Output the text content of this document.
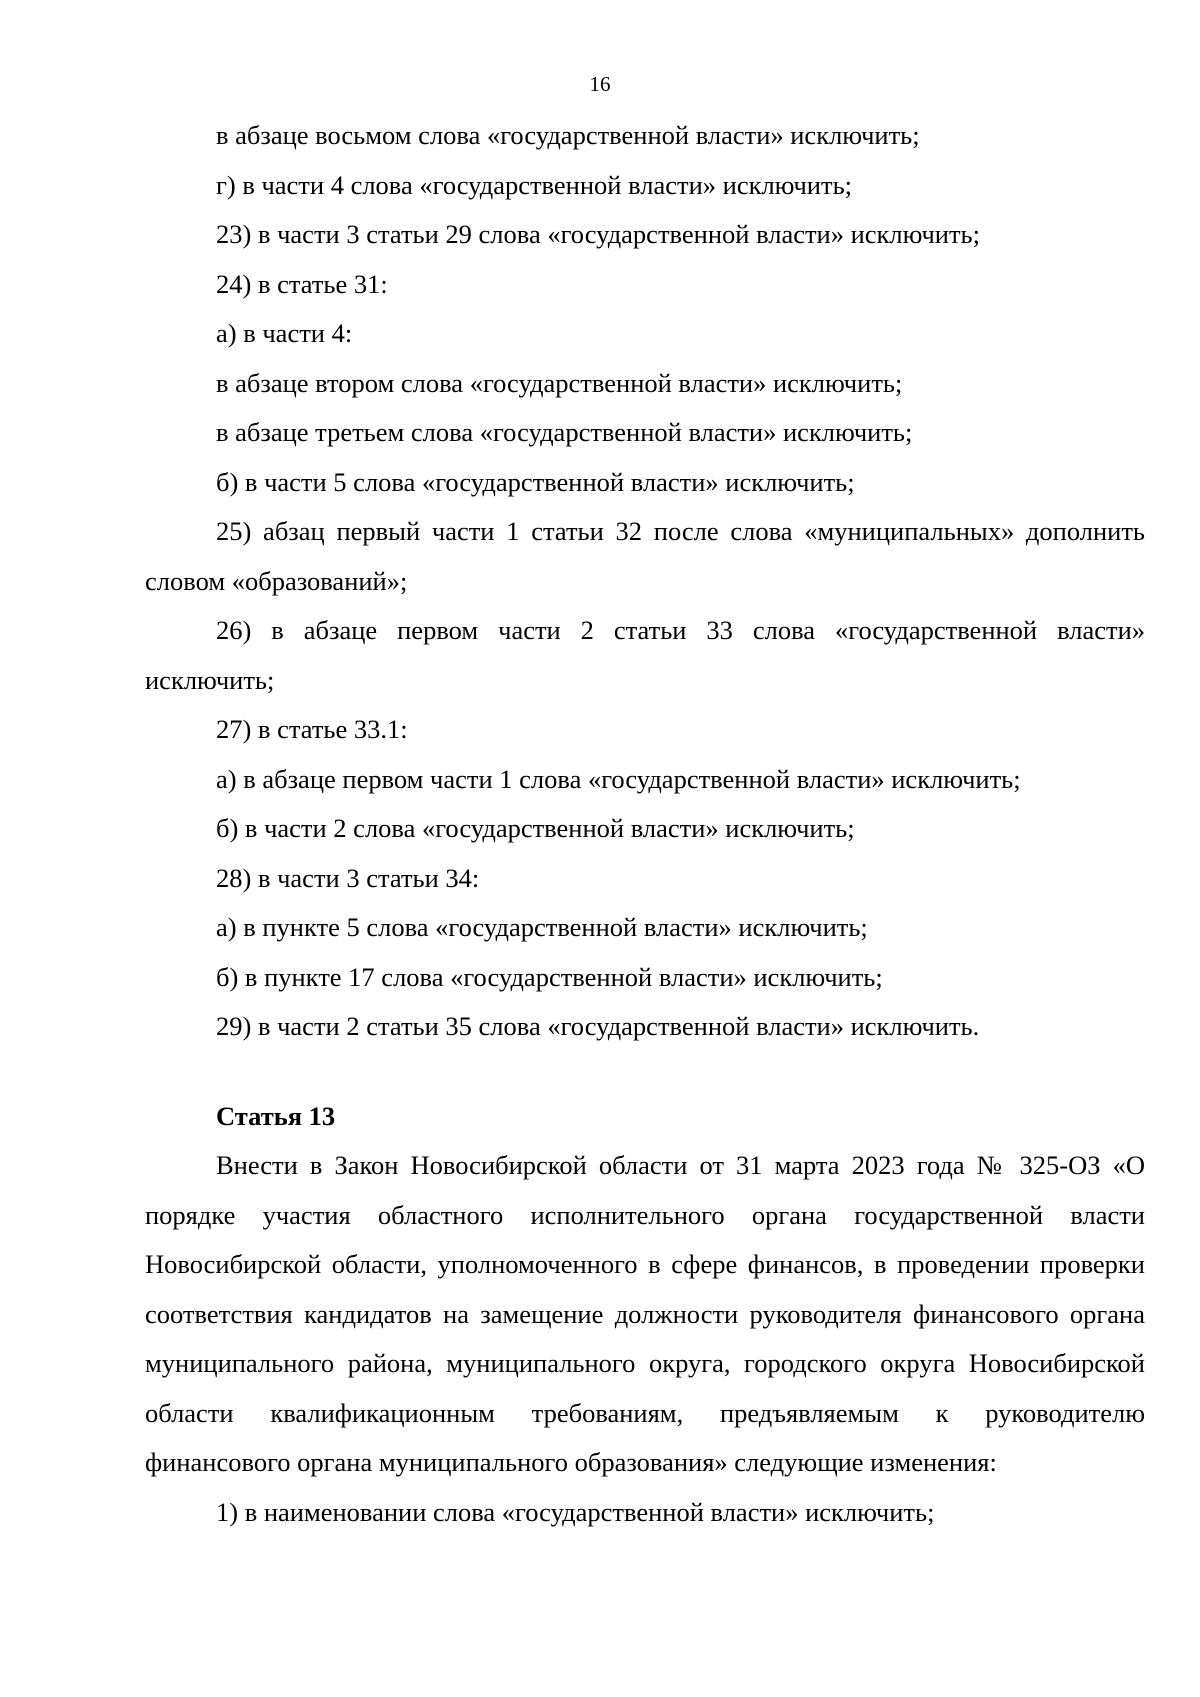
16

в абзаце восьмом слова «государственной власти» исключить;

г) в части 4 слова «государственной власти» исключить;

23) в части 3 статьи 29 слова «государственной власти» исключить;

24) в статье 31:

а) в части 4:

в абзаце втором слова «государственной власти» исключить;

в абзаце третьем слова «государственной власти» исключить;

б) в части 5 слова «государственной власти» исключить;

25) абзац первый части 1 статьи 32 после слова «муниципальных» дополнить словом «образований»;

26) в абзаце первом части 2 статьи 33 слова «государственной власти» исключить;

27) в статье 33.1:

а) в абзаце первом части 1 слова «государственной власти» исключить;

б) в части 2 слова «государственной власти» исключить;

28) в части 3 статьи 34:

а) в пункте 5 слова «государственной власти» исключить;

б) в пункте 17 слова «государственной власти» исключить;

29) в части 2 статьи 35 слова «государственной власти» исключить.

Статья 13

Внести в Закон Новосибирской области от 31 марта 2023 года № 325-ОЗ «О порядке участия областного исполнительного органа государственной власти Новосибирской области, уполномоченного в сфере финансов, в проведении проверки соответствия кандидатов на замещение должности руководителя финансового органа муниципального района, муниципального округа, городского округа Новосибирской области квалификационным требованиям, предъявляемым к руководителю финансового органа муниципального образования» следующие изменения:

1) в наименовании слова «государственной власти» исключить;
